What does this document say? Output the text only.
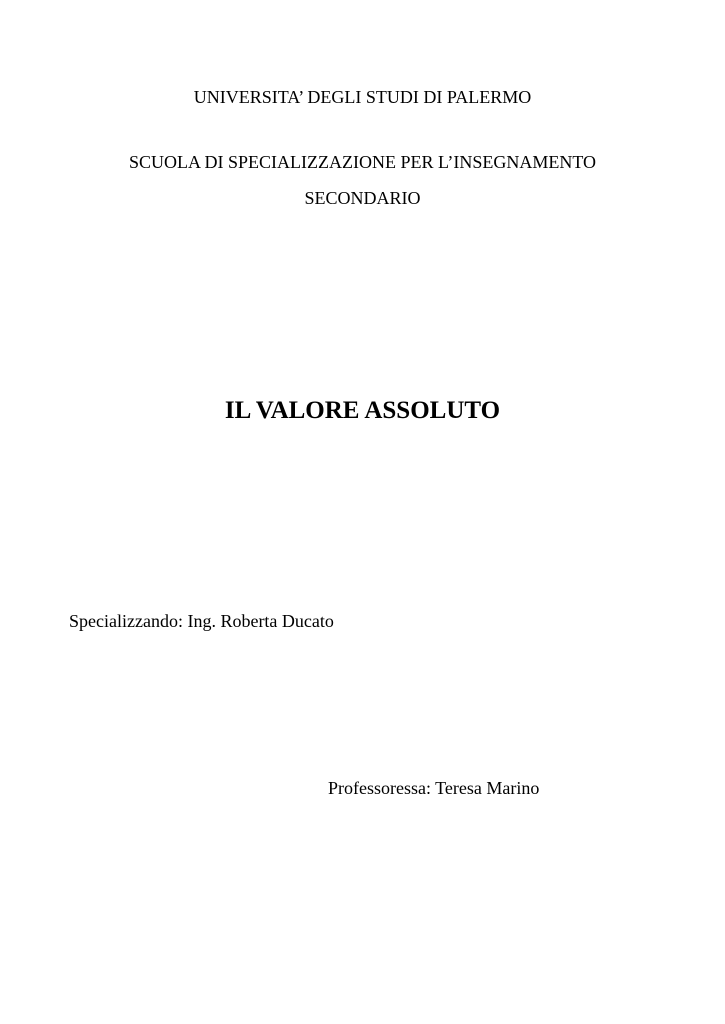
UNIVERSITA’ DEGLI STUDI DI PALERMO
SCUOLA DI SPECIALIZZAZIONE PER L’INSEGNAMENTO
SECONDARIO
IL VALORE ASSOLUTO
Specializzando: Ing. Roberta Ducato
Professoressa: Teresa Marino
